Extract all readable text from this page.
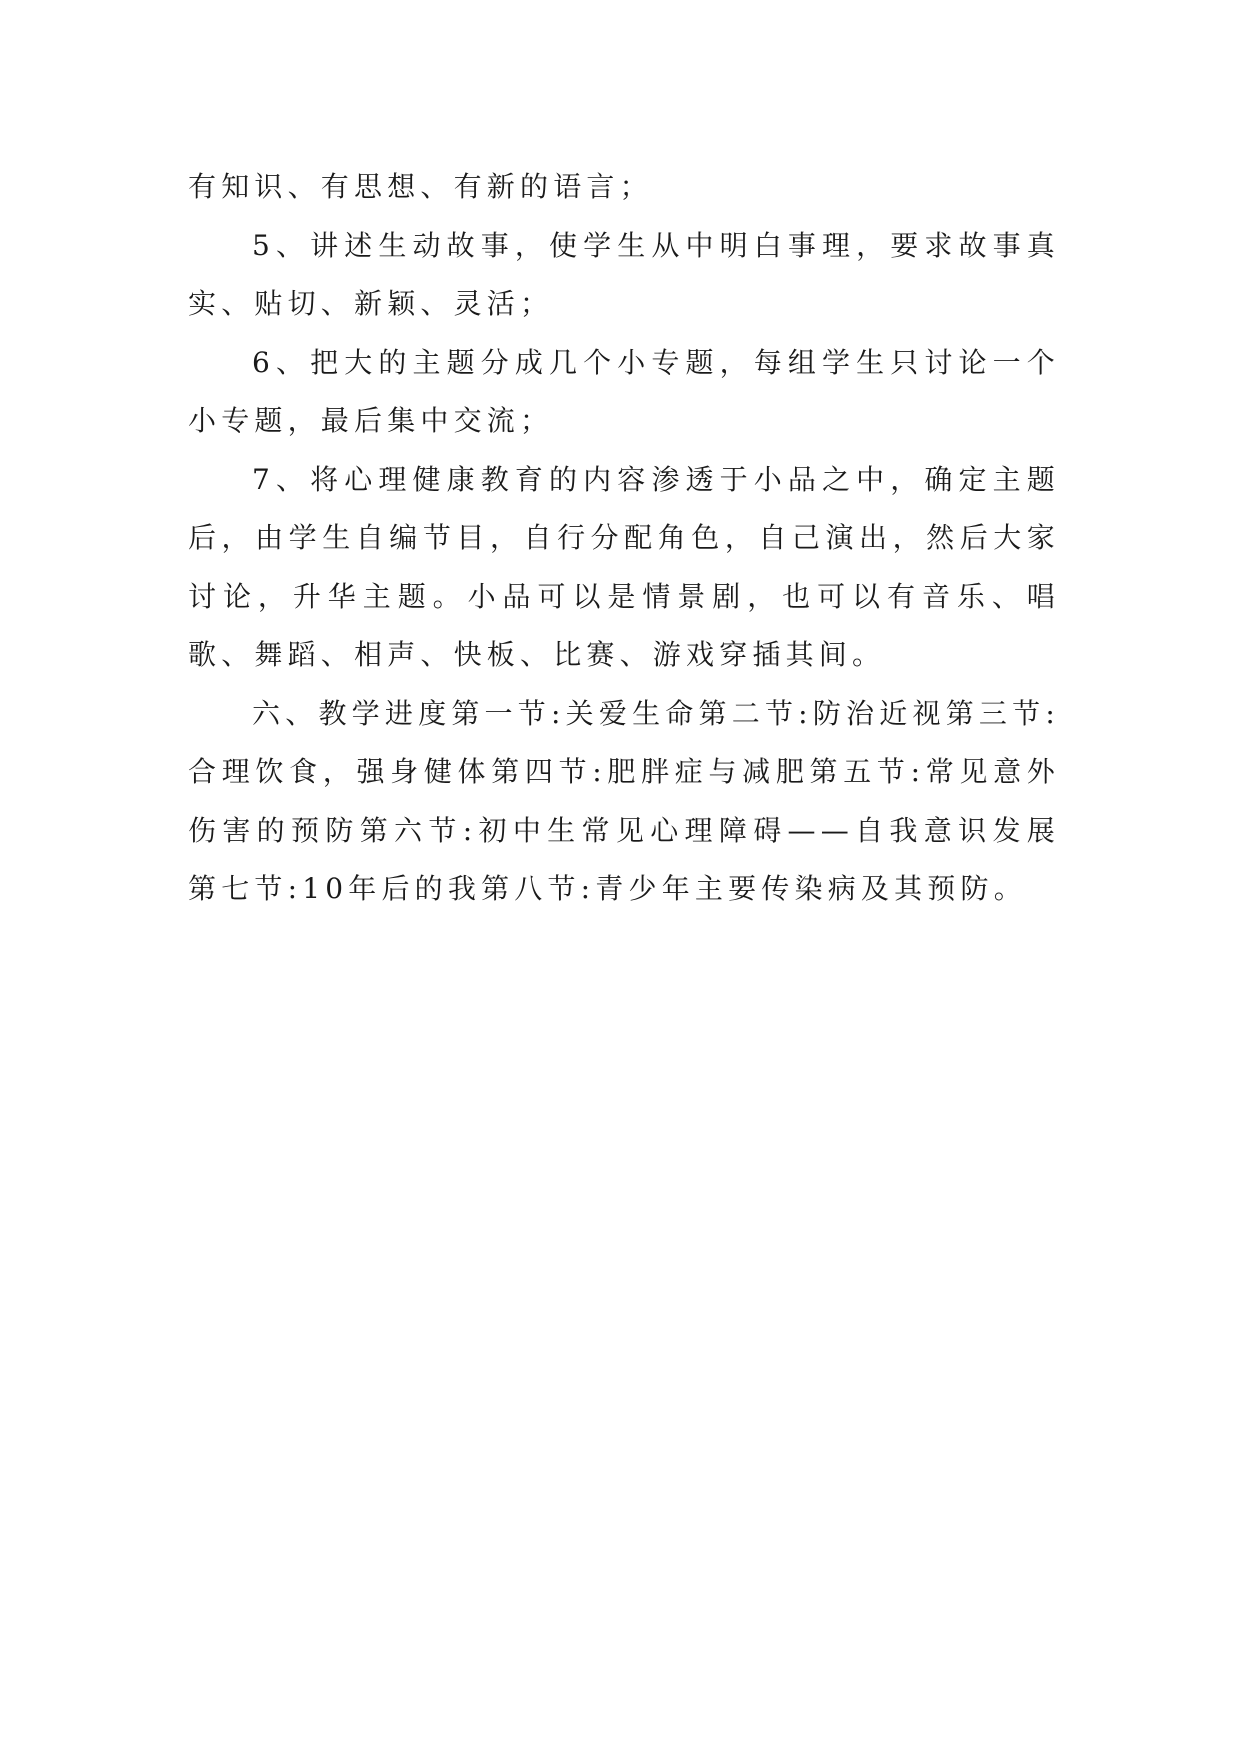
有知识、有思想、有新的语言；

5、讲述生动故事，使学生从中明白事理，要求故事真实、贴切、新颖、灵活；

6、把大的主题分成几个小专题，每组学生只讨论一个小专题，最后集中交流；

7、将心理健康教育的内容渗透于小品之中，确定主题后，由学生自编节目，自行分配角色，自己演出，然后大家讨论，升华主题。小品可以是情景剧，也可以有音乐、唱歌、舞蹈、相声、快板、比赛、游戏穿插其间。

六、教学进度第一节:关爱生命第二节:防治近视第三节:合理饮食，强身健体第四节:肥胖症与减肥第五节:常见意外伤害的预防第六节:初中生常见心理障碍——自我意识发展第七节:10年后的我第八节:青少年主要传染病及其预防。
